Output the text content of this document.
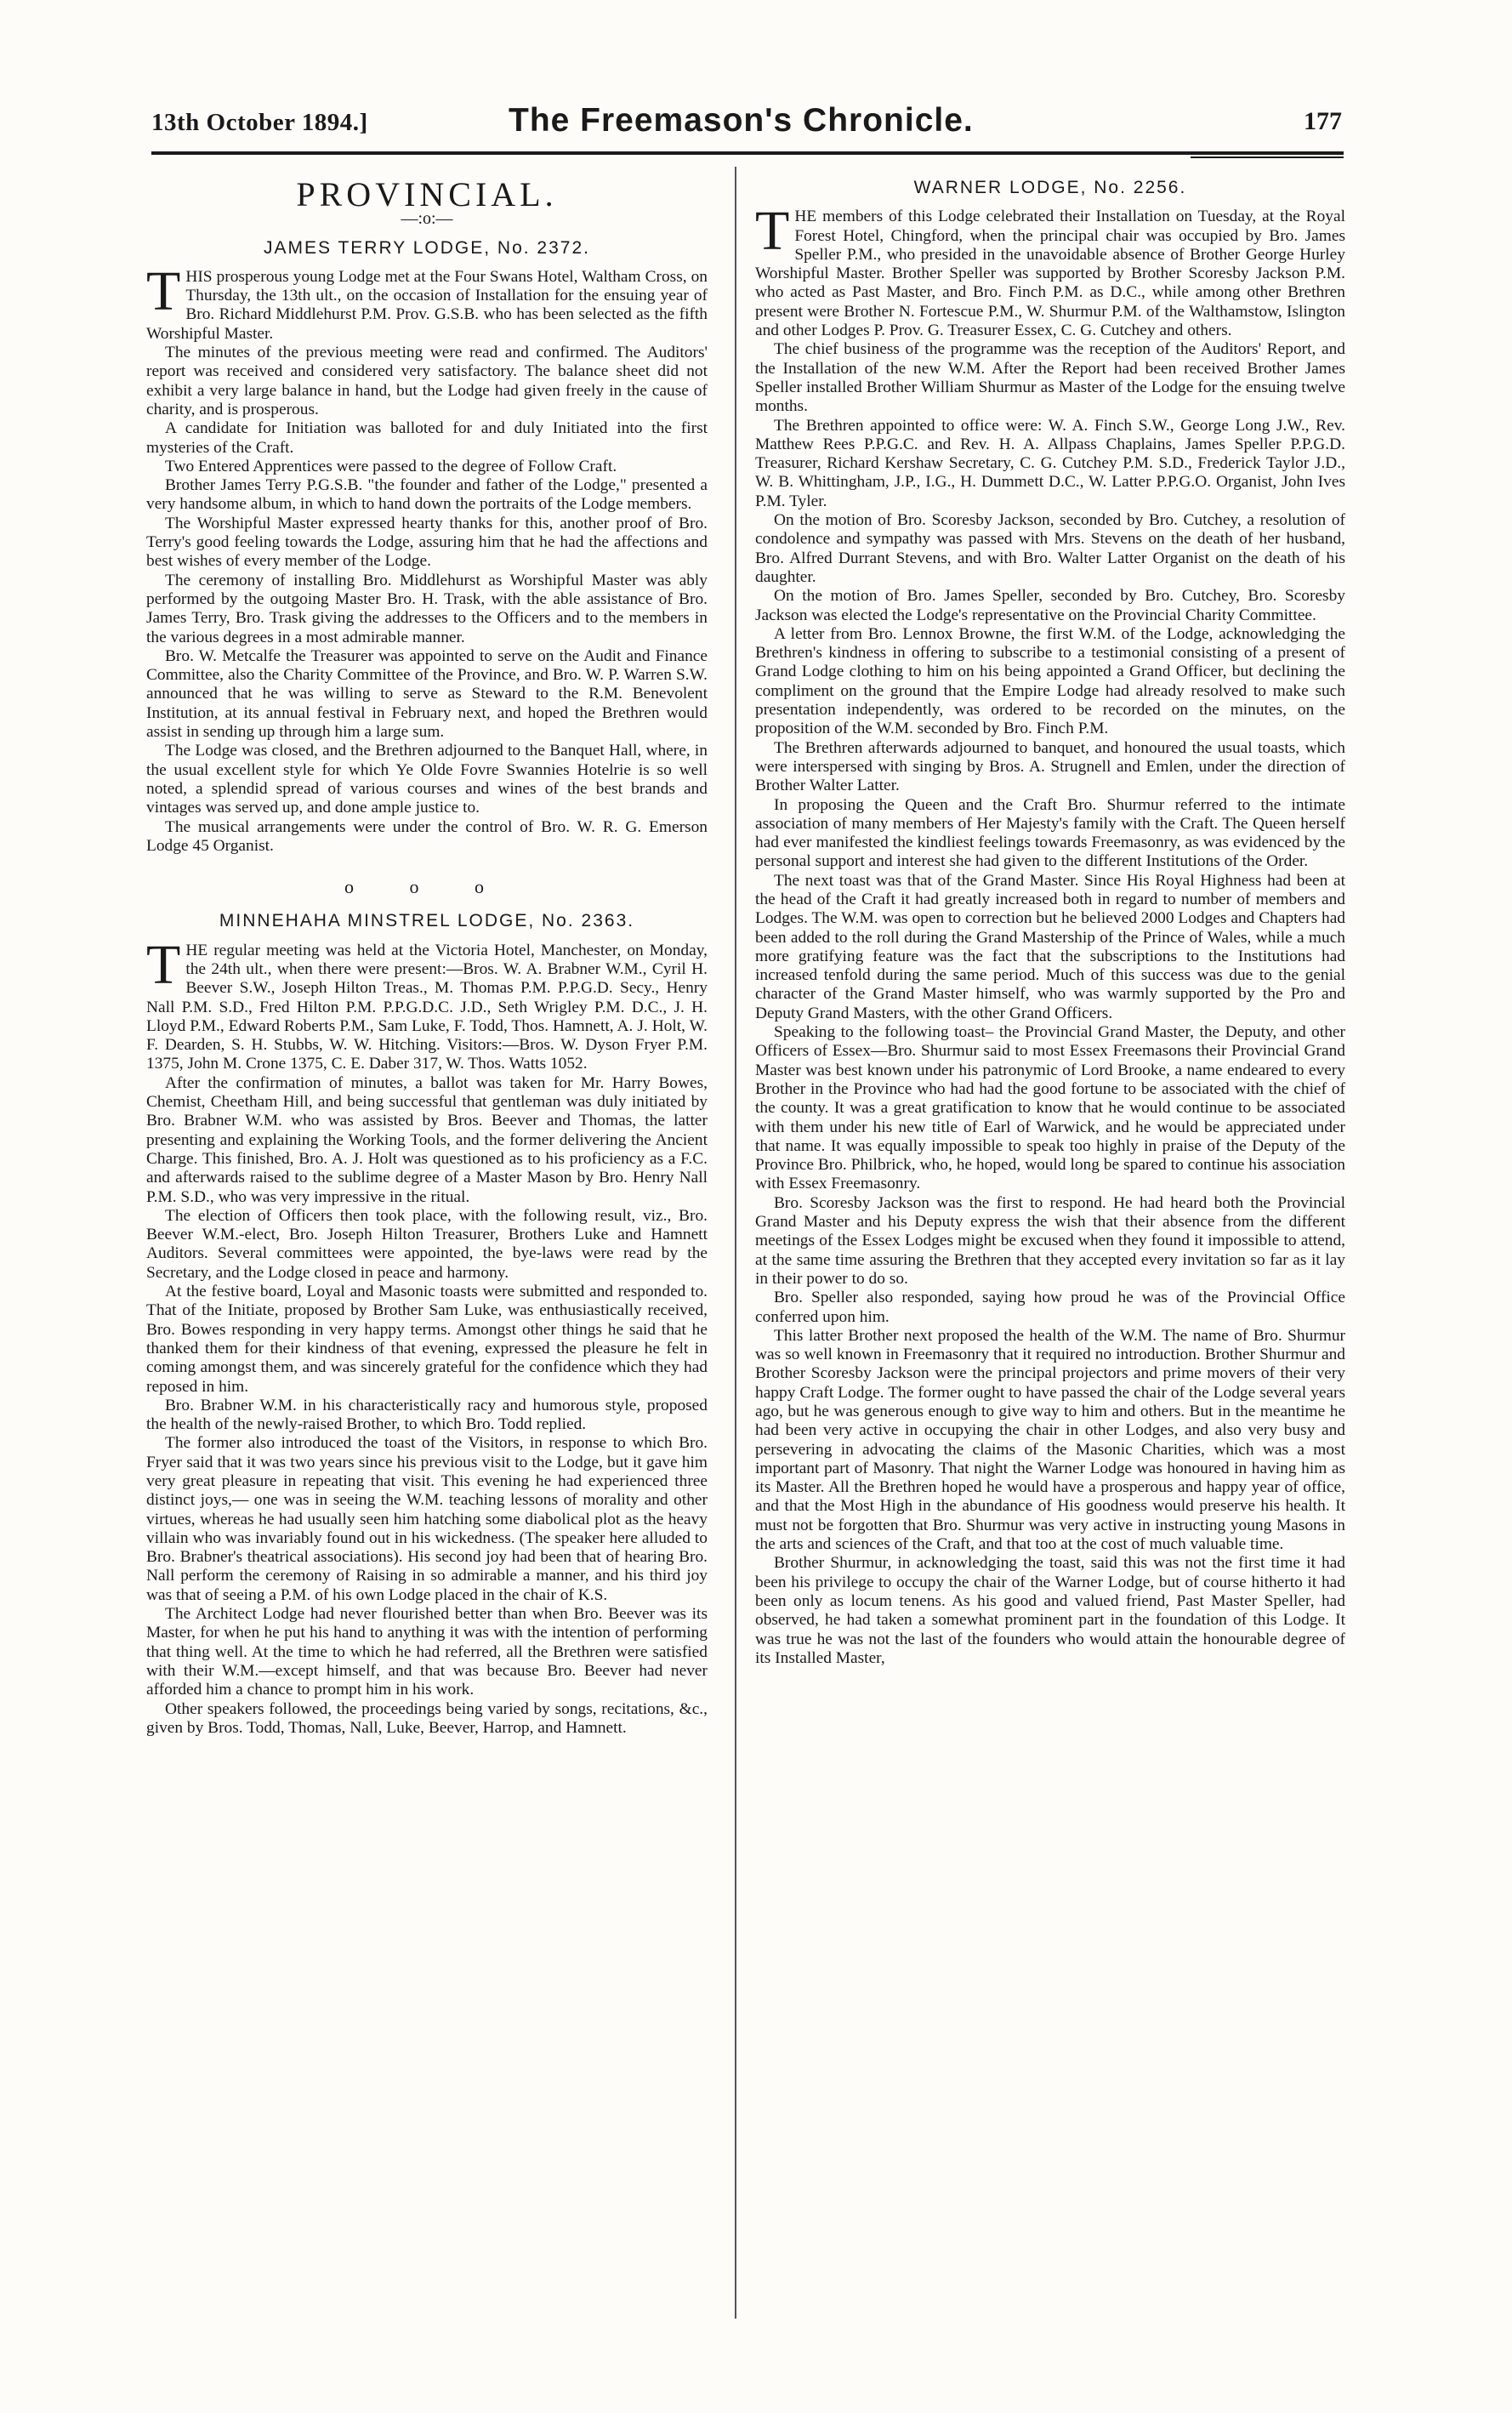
13th October 1894.]	The Freemason's Chronicle.	177
PROVINCIAL.
—:o:—
JAMES TERRY LODGE, No. 2372.

THIS prosperous young Lodge met at the Four Swans Hotel, Waltham Cross, on Thursday, the 13th ult., on the occasion of Installation for the ensuing year of Bro. Richard Middlehurst P.M. Prov. G.S.B. who has been selected as the fifth Worshipful Master.

The minutes of the previous meeting were read and confirmed. The Auditors' report was received and considered very satisfactory. The balance sheet did not exhibit a very large balance in hand, but the Lodge had given freely in the cause of charity, and is prosperous.

A candidate for Initiation was balloted for and duly Initiated into the first mysteries of the Craft.

Two Entered Apprentices were passed to the degree of Follow Craft.

Brother James Terry P.G.S.B. "the founder and father of the Lodge," presented a very handsome album, in which to hand down the portraits of the Lodge members.

The Worshipful Master expressed hearty thanks for this, another proof of Bro. Terry's good feeling towards the Lodge, assuring him that he had the affections and best wishes of every member of the Lodge.

The ceremony of installing Bro. Middlehurst as Worshipful Master was ably performed by the outgoing Master Bro. H. Trask, with the able assistance of Bro. James Terry, Bro. Trask giving the addresses to the Officers and to the members in the various degrees in a most admirable manner.

Bro. W. Metcalfe the Treasurer was appointed to serve on the Audit and Finance Committee, also the Charity Committee of the Province, and Bro. W. P. Warren S.W. announced that he was willing to serve as Steward to the R.M. Benevolent Institution, at its annual festival in February next, and hoped the Brethren would assist in sending up through him a large sum.

The Lodge was closed, and the Brethren adjourned to the Banquet Hall, where, in the usual excellent style for which Ye Olde Fovre Swannies Hotelrie is so well noted, a splendid spread of various courses and wines of the best brands and vintages was served up, and done ample justice to.

The musical arrangements were under the control of Bro. W. R. G. Emerson Lodge 45 Organist.

o o o
MINNEHAHA MINSTREL LODGE, No. 2363.

THE regular meeting was held at the Victoria Hotel, Manchester, on Monday, the 24th ult., when there were present:—Bros. W. A. Brabner W.M., Cyril H. Beever S.W., Joseph Hilton Treas., M. Thomas P.M. P.P.G.D. Secy., Henry Nall P.M. S.D., Fred Hilton P.M. P.P.G.D.C. J.D., Seth Wrigley P.M. D.C., J. H. Lloyd P.M., Edward Roberts P.M., Sam Luke, F. Todd, Thos. Hamnett, A. J. Holt, W. F. Dearden, S. H. Stubbs, W. W. Hitching. Visitors:—Bros. W. Dyson Fryer P.M. 1375, John M. Crone 1375, C. E. Daber 317, W. Thos. Watts 1052.

After the confirmation of minutes, a ballot was taken for Mr. Harry Bowes, Chemist, Cheetham Hill, and being successful that gentleman was duly initiated by Bro. Brabner W.M. who was assisted by Bros. Beever and Thomas, the latter presenting and explaining the Working Tools, and the former delivering the Ancient Charge. This finished, Bro. A. J. Holt was questioned as to his proficiency as a F.C. and afterwards raised to the sublime degree of a Master Mason by Bro. Henry Nall P.M. S.D., who was very impressive in the ritual.

The election of Officers then took place, with the following result, viz., Bro. Beever W.M.-elect, Bro. Joseph Hilton Treasurer, Brothers Luke and Hamnett Auditors. Several committees were appointed, the bye-laws were read by the Secretary, and the Lodge closed in peace and harmony.

At the festive board, Loyal and Masonic toasts were submitted and responded to. That of the Initiate, proposed by Brother Sam Luke, was enthusiastically received, Bro. Bowes responding in very happy terms. Amongst other things he said that he thanked them for their kindness of that evening, expressed the pleasure he felt in coming amongst them, and was sincerely grateful for the confidence which they had reposed in him.

Bro. Brabner W.M. in his characteristically racy and humorous style, proposed the health of the newly-raised Brother, to which Bro. Todd replied.

The former also introduced the toast of the Visitors, in response to which Bro. Fryer said that it was two years since his previous visit to the Lodge, but it gave him very great pleasure in repeating that visit. This evening he had experienced three distinct joys,— one was in seeing the W.M. teaching lessons of morality and other virtues, whereas he had usually seen him hatching some diabolical plot as the heavy villain who was invariably found out in his wickedness. (The speaker here alluded to Bro. Brabner's theatrical associations). His second joy had been that of hearing Bro. Nall perform the ceremony of Raising in so admirable a manner, and his third joy was that of seeing a P.M. of his own Lodge placed in the chair of K.S.

The Architect Lodge had never flourished better than when Bro. Beever was its Master, for when he put his hand to anything it was with the intention of performing that thing well. At the time to which he had referred, all the Brethren were satisfied with their W.M.—except himself, and that was because Bro. Beever had never afforded him a chance to prompt him in his work.

Other speakers followed, the proceedings being varied by songs, recitations, &c., given by Bros. Todd, Thomas, Nall, Luke, Beever, Harrop, and Hamnett.

WARNER LODGE, No. 2256.

THE members of this Lodge celebrated their Installation on Tuesday, at the Royal Forest Hotel, Chingford, when the principal chair was occupied by Bro. James Speller P.M., who presided in the unavoidable absence of Brother George Hurley Worshipful Master. Brother Speller was supported by Brother Scoresby Jackson P.M. who acted as Past Master, and Bro. Finch P.M. as D.C., while among other Brethren present were Brother N. Fortescue P.M., W. Shurmur P.M. of the Walthamstow, Islington and other Lodges P. Prov. G. Treasurer Essex, C. G. Cutchey and others.

The chief business of the programme was the reception of the Auditors' Report, and the Installation of the new W.M. After the Report had been received Brother James Speller installed Brother William Shurmur as Master of the Lodge for the ensuing twelve months.

The Brethren appointed to office were: W. A. Finch S.W., George Long J.W., Rev. Matthew Rees P.P.G.C. and Rev. H. A. Allpass Chaplains, James Speller P.P.G.D. Treasurer, Richard Kershaw Secretary, C. G. Cutchey P.M. S.D., Frederick Taylor J.D., W. B. Whittingham, J.P., I.G., H. Dummett D.C., W. Latter P.P.G.O. Organist, John Ives P.M. Tyler.

On the motion of Bro. Scoresby Jackson, seconded by Bro. Cutchey, a resolution of condolence and sympathy was passed with Mrs. Stevens on the death of her husband, Bro. Alfred Durrant Stevens, and with Bro. Walter Latter Organist on the death of his daughter.

On the motion of Bro. James Speller, seconded by Bro. Cutchey, Bro. Scoresby Jackson was elected the Lodge's representative on the Provincial Charity Committee.

A letter from Bro. Lennox Browne, the first W.M. of the Lodge, acknowledging the Brethren's kindness in offering to subscribe to a testimonial consisting of a present of Grand Lodge clothing to him on his being appointed a Grand Officer, but declining the compliment on the ground that the Empire Lodge had already resolved to make such presentation independently, was ordered to be recorded on the minutes, on the proposition of the W.M. seconded by Bro. Finch P.M.

The Brethren afterwards adjourned to banquet, and honoured the usual toasts, which were interspersed with singing by Bros. A. Strugnell and Emlen, under the direction of Brother Walter Latter.

In proposing the Queen and the Craft Bro. Shurmur referred to the intimate association of many members of Her Majesty's family with the Craft. The Queen herself had ever manifested the kindliest feelings towards Freemasonry, as was evidenced by the personal support and interest she had given to the different Institutions of the Order.

The next toast was that of the Grand Master. Since His Royal Highness had been at the head of the Craft it had greatly increased both in regard to number of members and Lodges. The W.M. was open to correction but he believed 2000 Lodges and Chapters had been added to the roll during the Grand Mastership of the Prince of Wales, while a much more gratifying feature was the fact that the subscriptions to the Institutions had increased tenfold during the same period. Much of this success was due to the genial character of the Grand Master himself, who was warmly supported by the Pro and Deputy Grand Masters, with the other Grand Officers.

Speaking to the following toast– the Provincial Grand Master, the Deputy, and other Officers of Essex—Bro. Shurmur said to most Essex Freemasons their Provincial Grand Master was best known under his patronymic of Lord Brooke, a name endeared to every Brother in the Province who had had the good fortune to be associated with the chief of the county. It was a great gratification to know that he would continue to be associated with them under his new title of Earl of Warwick, and he would be appreciated under that name. It was equally impossible to speak too highly in praise of the Deputy of the Province Bro. Philbrick, who, he hoped, would long be spared to continue his association with Essex Freemasonry.

Bro. Scoresby Jackson was the first to respond. He had heard both the Provincial Grand Master and his Deputy express the wish that their absence from the different meetings of the Essex Lodges might be excused when they found it impossible to attend, at the same time assuring the Brethren that they accepted every invitation so far as it lay in their power to do so.

Bro. Speller also responded, saying how proud he was of the Provincial Office conferred upon him.

This latter Brother next proposed the health of the W.M. The name of Bro. Shurmur was so well known in Freemasonry that it required no introduction. Brother Shurmur and Brother Scoresby Jackson were the principal projectors and prime movers of their very happy Craft Lodge. The former ought to have passed the chair of the Lodge several years ago, but he was generous enough to give way to him and others. But in the meantime he had been very active in occupying the chair in other Lodges, and also very busy and persevering in advocating the claims of the Masonic Charities, which was a most important part of Masonry. That night the Warner Lodge was honoured in having him as its Master. All the Brethren hoped he would have a prosperous and happy year of office, and that the Most High in the abundance of His goodness would preserve his health. It must not be forgotten that Bro. Shurmur was very active in instructing young Masons in the arts and sciences of the Craft, and that too at the cost of much valuable time.

Brother Shurmur, in acknowledging the toast, said this was not the first time it had been his privilege to occupy the chair of the Warner Lodge, but of course hitherto it had been only as locum tenens. As his good and valued friend, Past Master Speller, had observed, he had taken a somewhat prominent part in the foundation of this Lodge. It was true he was not the last of the founders who would attain the honourable degree of its Installed Master,
